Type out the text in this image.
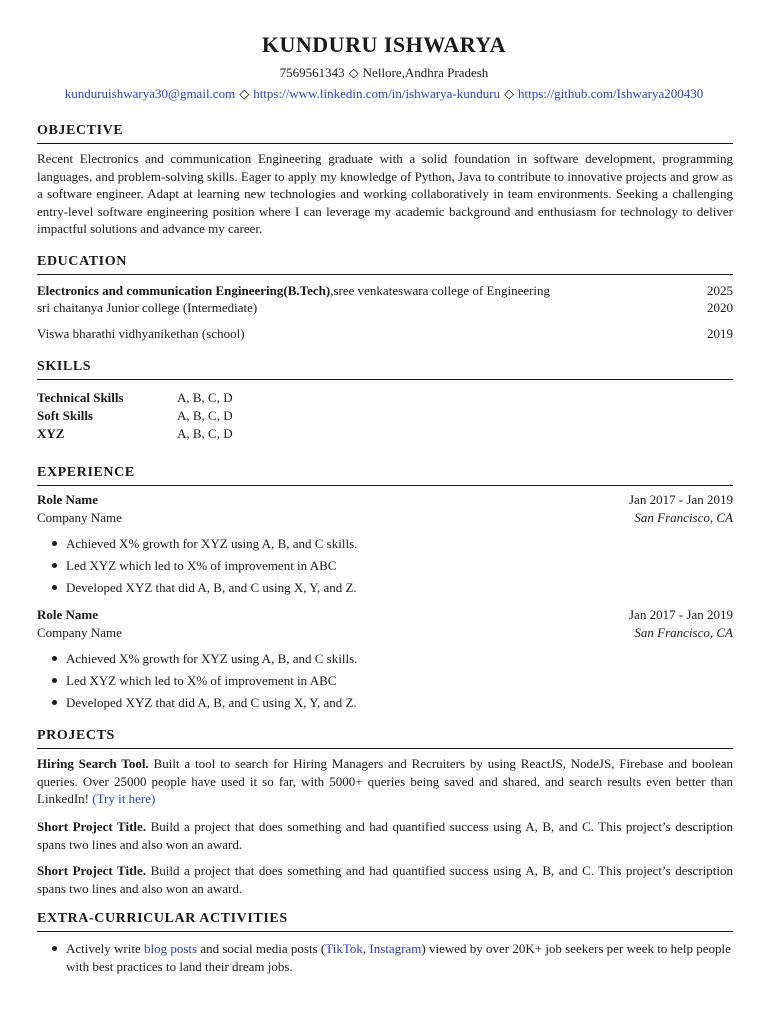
KUNDURU ISHWARYA
7569561343 ◇ Nellore,Andhra Pradesh
kunduruishwarya30@gmail.com ◇ https://www.linkedin.com/in/ishwarya-kunduru ◇ https://github.com/Ishwarya200430
OBJECTIVE
Recent Electronics and communication Engineering graduate with a solid foundation in software development, programming languages, and problem-solving skills. Eager to apply my knowledge of Python, Java to contribute to innovative projects and grow as a software engineer. Adapt at learning new technologies and working collaboratively in team environments. Seeking a challenging entry-level software engineering position where I can leverage my academic background and enthusiasm for technology to deliver impactful solutions and advance my career.
EDUCATION
Electronics and communication Engineering(B.Tech),sree venkateswara college of Engineering	2025
sri chaitanya Junior college (Intermediate)	2020
Viswa bharathi vidhyanikethan (school)	2019
SKILLS
Technical Skills	A, B, C, D
Soft Skills	A, B, C, D
XYZ	A, B, C, D
EXPERIENCE
Role Name	Jan 2017 - Jan 2019
Company Name	San Francisco, CA
Achieved X% growth for XYZ using A, B, and C skills.
Led XYZ which led to X% of improvement in ABC
Developed XYZ that did A, B, and C using X, Y, and Z.
Role Name	Jan 2017 - Jan 2019
Company Name	San Francisco, CA
Achieved X% growth for XYZ using A, B, and C skills.
Led XYZ which led to X% of improvement in ABC
Developed XYZ that did A, B, and C using X, Y, and Z.
PROJECTS
Hiring Search Tool. Built a tool to search for Hiring Managers and Recruiters by using ReactJS, NodeJS, Firebase and boolean queries. Over 25000 people have used it so far, with 5000+ queries being saved and shared, and search results even better than LinkedIn! (Try it here)
Short Project Title. Build a project that does something and had quantified success using A, B, and C. This project’s description spans two lines and also won an award.
Short Project Title. Build a project that does something and had quantified success using A, B, and C. This project’s description spans two lines and also won an award.
EXTRA-CURRICULAR ACTIVITIES
Actively write blog posts and social media posts (TikTok, Instagram) viewed by over 20K+ job seekers per week to help people with best practices to land their dream jobs.
